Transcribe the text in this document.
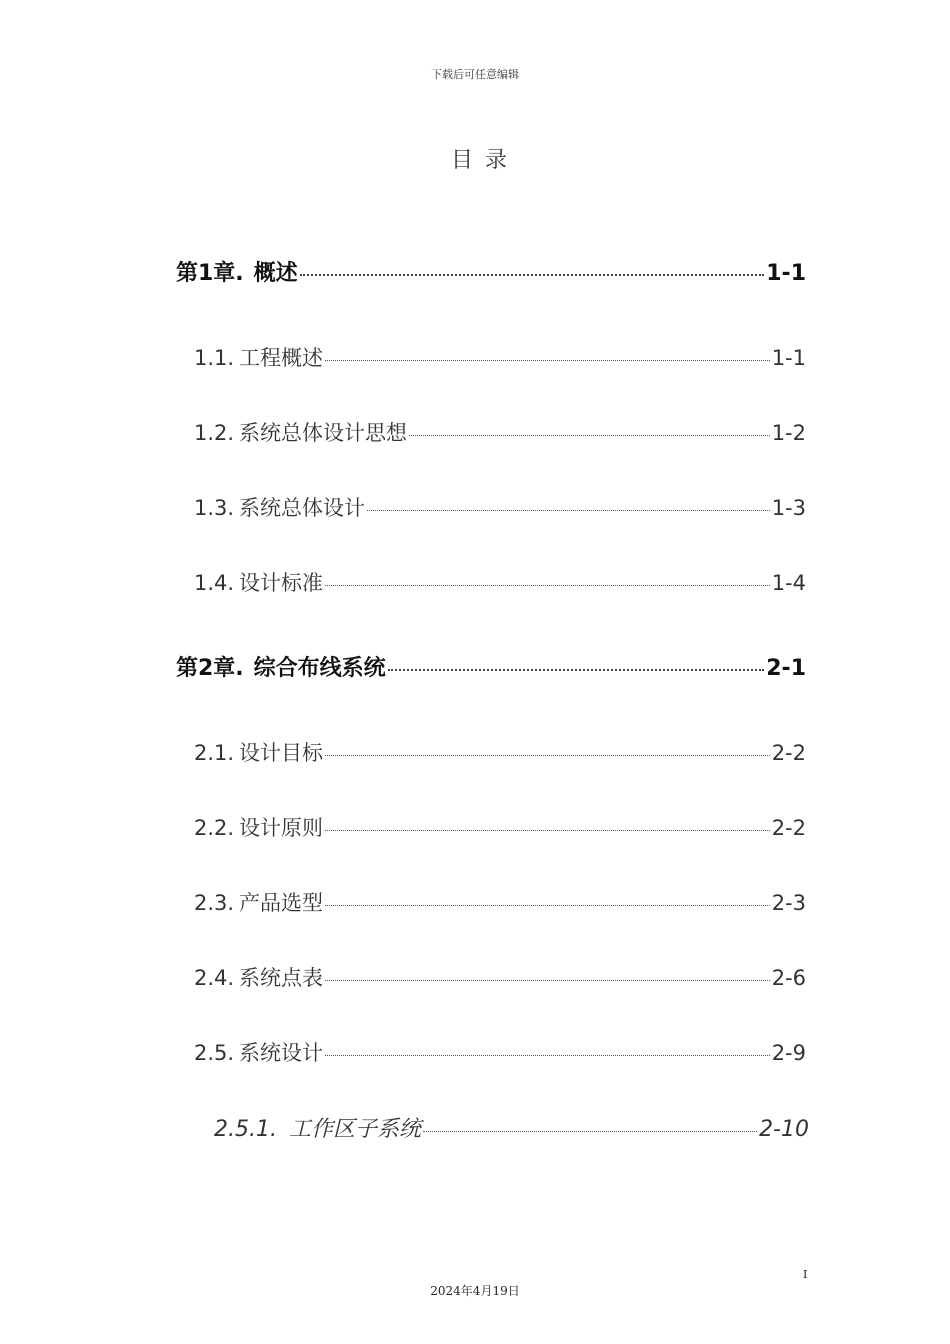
下载后可任意编辑
目录
第1章. 概述	1-1
1.1. 工程概述	1-1
1.2. 系统总体设计思想	1-2
1.3. 系统总体设计	1-3
1.4. 设计标准	1-4
第2章. 综合布线系统	2-1
2.1. 设计目标	2-2
2.2. 设计原则	2-2
2.3. 产品选型	2-3
2.4. 系统点表	2-6
2.5. 系统设计	2-9
2.5.1. 工作区子系统	2-10
I
2024年4月19日
